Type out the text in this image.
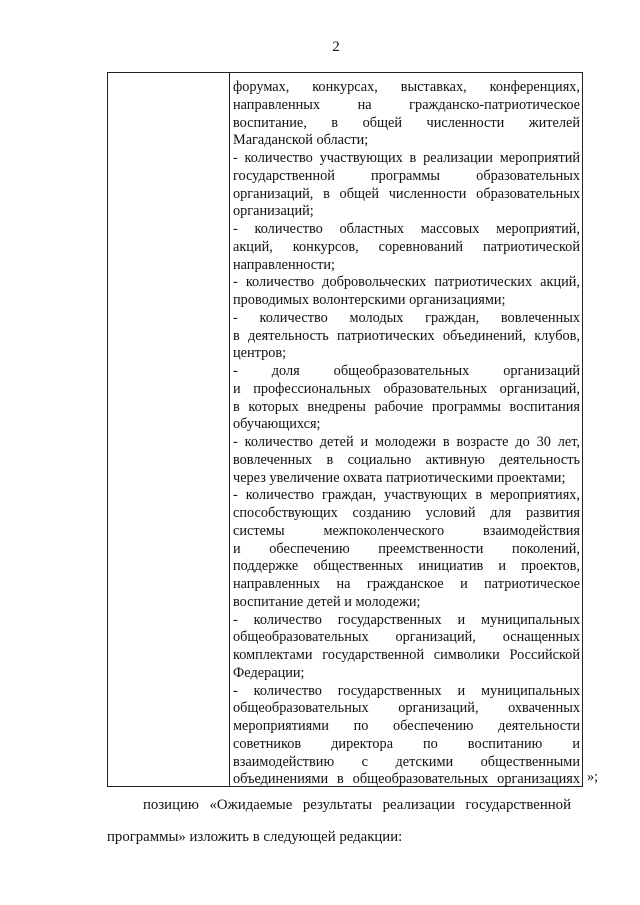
2
форумах, конкурсах, выставках, конференциях,
направленных на гражданско-патриотическое
воспитание, в общей численности жителей
Магаданской области;
- количество участвующих в реализации мероприятий
государственной программы образовательных
организаций, в общей численности образовательных
организаций;
- количество областных массовых мероприятий,
акций, конкурсов, соревнований патриотической
направленности;
- количество добровольческих патриотических акций,
проводимых волонтерскими организациями;
- количество молодых граждан, вовлеченных
в деятельность патриотических объединений, клубов,
центров;
- доля общеобразовательных организаций
и профессиональных образовательных организаций,
в которых внедрены рабочие программы воспитания
обучающихся;
- количество детей и молодежи в возрасте до 30 лет,
вовлеченных в социально активную деятельность
через увеличение охвата патриотическими проектами;
- количество граждан, участвующих в мероприятиях,
способствующих созданию условий для развития
системы межпоколенческого взаимодействия
и обеспечению преемственности поколений,
поддержке общественных инициатив и проектов,
направленных на гражданское и патриотическое
воспитание детей и молодежи;
- количество государственных и муниципальных
общеобразовательных организаций, оснащенных
комплектами государственной символики Российской
Федерации;
- количество государственных и муниципальных
общеобразовательных организаций, охваченных
мероприятиями по обеспечению деятельности
советников директора по воспитанию и
взаимодействию с детскими общественными
объединениями в общеобразовательных организациях »;
позицию «Ожидаемые результаты реализации государственной
программы» изложить в следующей редакции:
